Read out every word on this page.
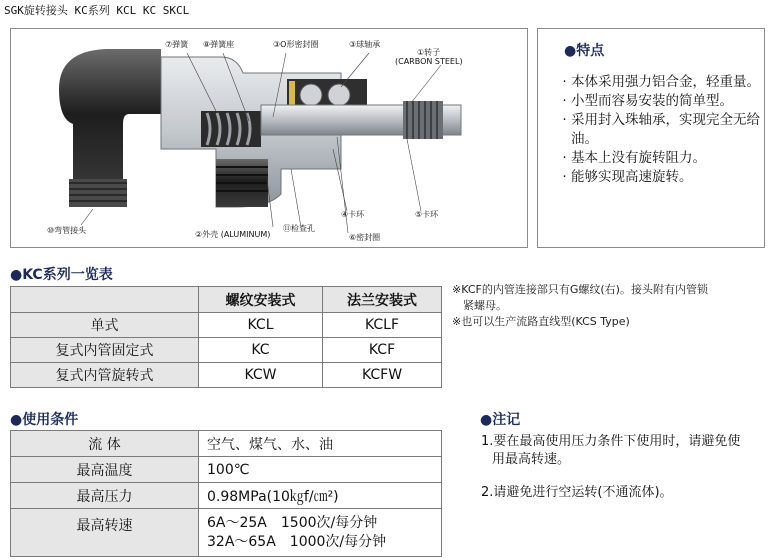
SGK旋转接头 KC系列 KCL KC SKCL
⑦弹簧 ⑧弹簧座	③O形密封圈	③球轴承
①转子
(CARBON STEEL)
⑩弯管接头	②外壳 (ALUMINUM)
⑪检查孔
④卡环
⑥密封圈
⑤卡环
●特点
· 本体采用强力铝合金，轻重量。
· 小型而容易安装的简单型。
· 采用封入珠轴承，实现完全无给油。
· 基本上没有旋转阻力。
· 能够实现高速旋转。
●KC系列一览表
	螺纹安装式	法兰安装式
单式	KCL	KCLF
复式内管固定式	KC	KCF
复式内管旋转式	KCW	KCFW
※KCF的内管连接部只有G螺纹(右)。接头附有内管锁
紧螺母。
※也可以生产流路直线型(KCS Type)
●使用条件
流 体	空气、煤气、水、油
最高温度	100℃
最高压力	0.98MPa(10㎏f/㎝²)
最高转速	6A～25A　1500次/每分钟
32A～65A　1000次/每分钟
●注记
1.要在最高使用压力条件下使用时，请避免使
用最高转速。
2.请避免进行空运转(不通流体)。
